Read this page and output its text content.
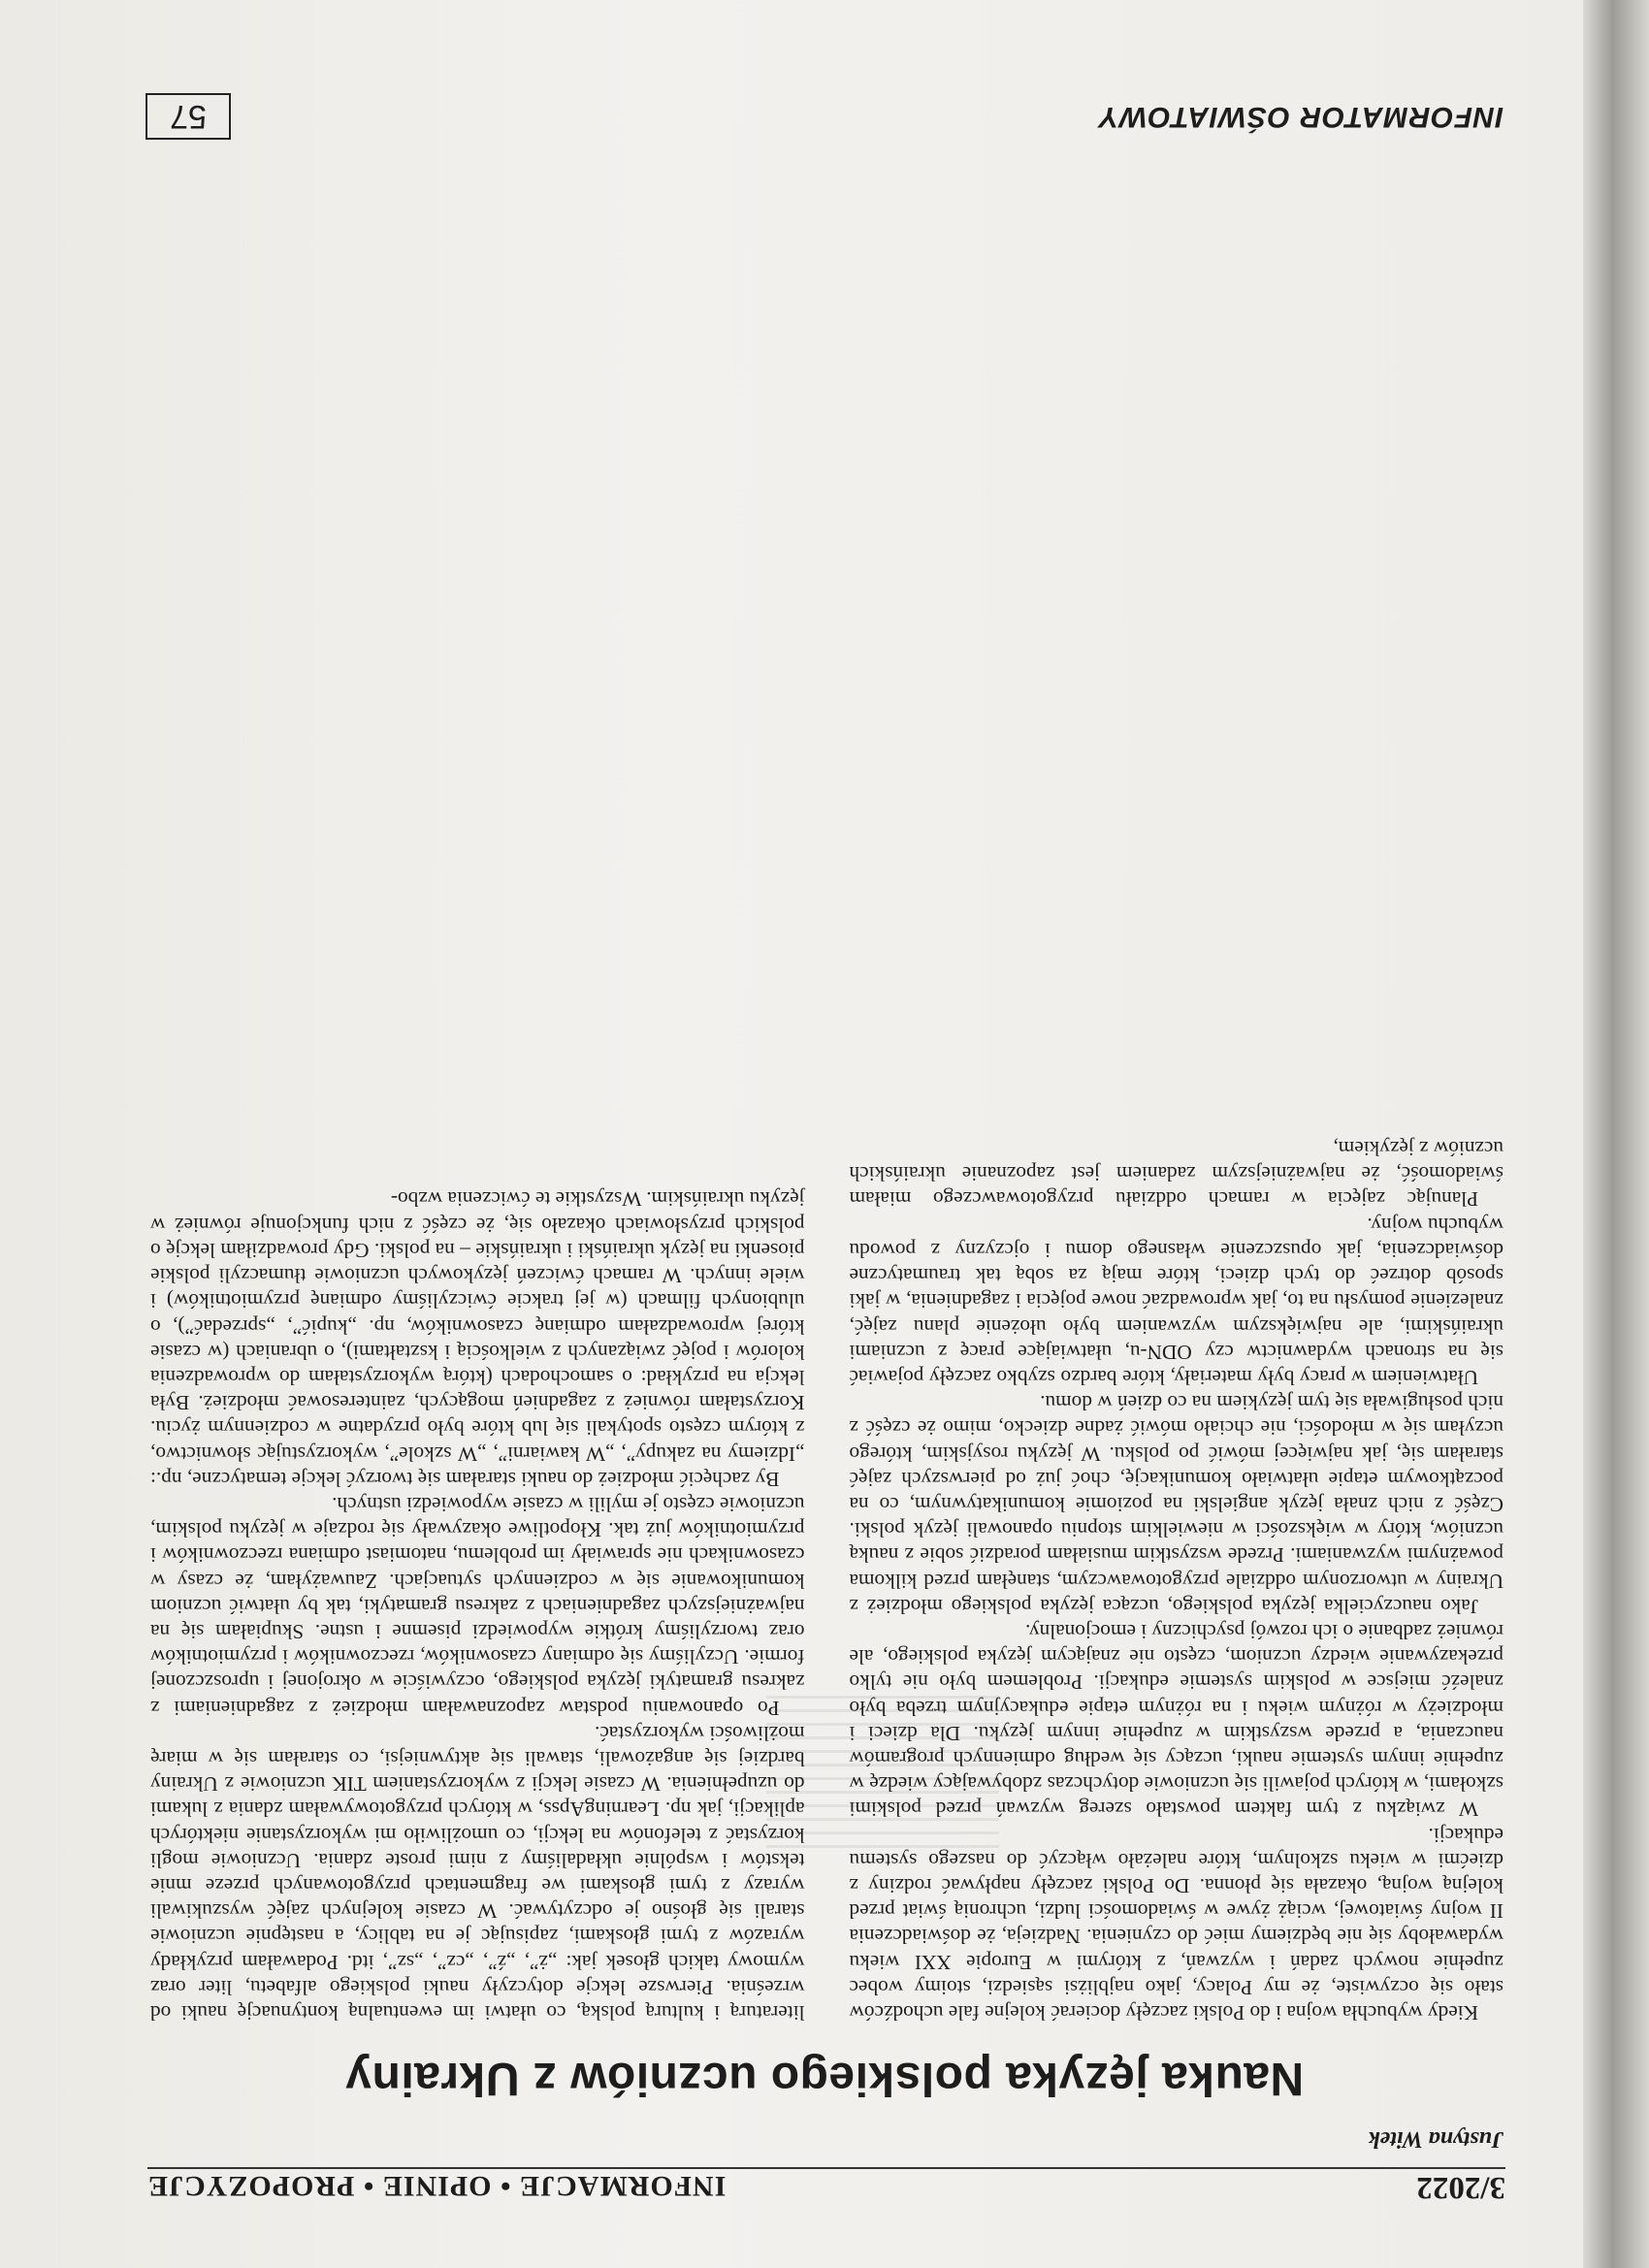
3/2022
INFORMACJE • OPINIE • PROPOZYCJE
Justyna Witek
Nauka języka polskiego uczniów z Ukrainy

Kiedy wybuchła wojna i do Polski zaczęły docierać kolejne fale uchodźców stało się oczywiste, że my Polacy, jako najbliżsi sąsiedzi, stoimy wobec zupełnie nowych zadań i wyzwań, z którymi w Europie XXI wieku wydawałoby się nie będziemy mieć do czynienia. Nadzieja, że doświadczenia II wojny światowej, wciąż żywe w świadomości ludzi, uchronią świat przed kolejną wojną, okazała się płonna. Do Polski zaczęły napływać rodziny z dziećmi w wieku szkolnym, które należało włączyć do naszego systemu edukacji.

W związku z tym faktem powstało szereg wyzwań przed polskimi szkołami, w których pojawili się uczniowie dotychczas zdobywający wiedzę w zupełnie innym systemie nauki, uczący się według odmiennych programów nauczania, a przede wszystkim w zupełnie innym języku. Dla dzieci i młodzieży w różnym wieku i na różnym etapie edukacyjnym trzeba było znaleźć miejsce w polskim systemie edukacji. Problemem było nie tylko przekazywanie wiedzy uczniom, często nie znającym języka polskiego, ale również zadbanie o ich rozwój psychiczny i emocjonalny.

Jako nauczycielka języka polskiego, ucząca języka polskiego młodzież z Ukrainy w utworzonym oddziale przygotowawczym, stanęłam przed kilkoma poważnymi wyzwaniami. Przede wszystkim musiałam poradzić sobie z nauką uczniów, który w większości w niewielkim stopniu opanowali język polski. Część z nich znała język angielski na poziomie komunikatywnym, co na początkowym etapie ułatwiało komunikację, choć już od pierwszych zajęć starałam się, jak najwięcej mówić po polsku. W języku rosyjskim, którego uczyłam się w młodości, nie chciało mówić żadne dziecko, mimo że część z nich posługiwała się tym językiem na co dzień w domu.

Ułatwieniem w pracy były materiały, które bardzo szybko zaczęły pojawiać się na stronach wydawnictw czy ODN-u, ułatwiające pracę z uczniami ukraińskimi, ale największym wyzwaniem było ułożenie planu zajęć, znalezienie pomysłu na to, jak wprowadzać nowe pojęcia i zagadnienia, w jaki sposób dotrzeć do tych dzieci, które mają za sobą tak traumatyczne doświadczenia, jak opuszczenie własnego domu i ojczyzny z powodu wybuchu wojny.

Planując zajęcia w ramach oddziału przygotowawczego miałam świadomość, że najważniejszym zadaniem jest zapoznanie ukraińskich uczniów z językiem,

literaturą i kulturą polską, co ułatwi im ewentualną kontynuację nauki od września. Pierwsze lekcje dotyczyły nauki polskiego alfabetu, liter oraz wymowy takich głosek jak: „ż”, „ź”, „cz”, „sz”, itd. Podawałam przykłady wyrazów z tymi głoskami, zapisując je na tablicy, a następnie uczniowie starali się głośno je odczytywać. W czasie kolejnych zajęć wyszukiwali wyrazy z tymi głoskami we fragmentach przygotowanych przeze mnie tekstów i wspólnie układaliśmy z nimi proste zdania. Uczniowie mogli korzystać z telefonów na lekcji, co umożliwiło mi wykorzystanie niektórych aplikacji, jak np. LearningApss, w których przygotowywałam zdania z lukami do uzupełnienia. W czasie lekcji z wykorzystaniem TIK uczniowie z Ukrainy bardziej się angażowali, stawali się aktywniejsi, co starałam się w miarę możliwości wykorzystać.

Po opanowaniu podstaw zapoznawałam młodzież z zagadnieniami z zakresu gramatyki języka polskiego, oczywiście w okrojonej i uproszczonej formie. Uczyliśmy się odmiany czasowników, rzeczowników i przymiotników oraz tworzyliśmy krótkie wypowiedzi pisemne i ustne. Skupiałam się na najważniejszych zagadnieniach z zakresu gramatyki, tak by ułatwić uczniom komunikowanie się w codziennych sytuacjach. Zauważyłam, że czasy w czasownikach nie sprawiały im problemu, natomiast odmiana rzeczowników i przymiotników już tak. Kłopotliwe okazywały się rodzaje w języku polskim, uczniowie często je mylili w czasie wypowiedzi ustnych.

By zachęcić młodzież do nauki starałam się tworzyć lekcje tematyczne, np.: „Idziemy na zakupy”, „W kawiarni”, „W szkole”, wykorzystując słownictwo, z którym często spotykali się lub które było przydatne w codziennym życiu. Korzystałam również z zagadnień mogących, zainteresować młodzież. Była lekcja na przykład: o samochodach (którą wykorzystałam do wprowadzenia kolorów i pojęć związanych z wielkością i kształtami), o ubraniach (w czasie której wprowadzałam odmianę czasowników, np. „kupić”, „sprzedać”), o ulubionych filmach (w jej trakcie ćwiczyliśmy odmianę przymiotników) i wiele innych. W ramach ćwiczeń językowych uczniowie tłumaczyli polskie piosenki na język ukraiński i ukraińskie – na polski. Gdy prowadziłam lekcję o polskich przysłowiach okazało się, że część z nich funkcjonuje również w języku ukraińskim. Wszystkie te ćwiczenia wzbo-

INFORMATOR OŚWIATOWY
57
